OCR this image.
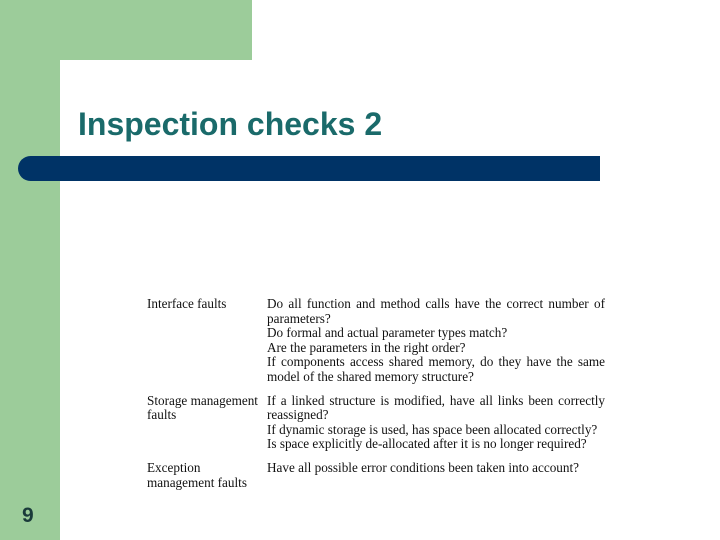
Inspection checks 2
Interface faults	Do all function and method calls have the correct number of parameters?
Do formal and actual parameter types match?
Are the parameters in the right order?
If components access shared memory, do they have the same model of the shared memory structure?
Storage management faults
If a linked structure is modified, have all links been correctly reassigned?
If dynamic storage is used, has space been allocated correctly?
Is space explicitly de-allocated after it is no longer required?
Exception management faults
Have all possible error conditions been taken into account?
9
